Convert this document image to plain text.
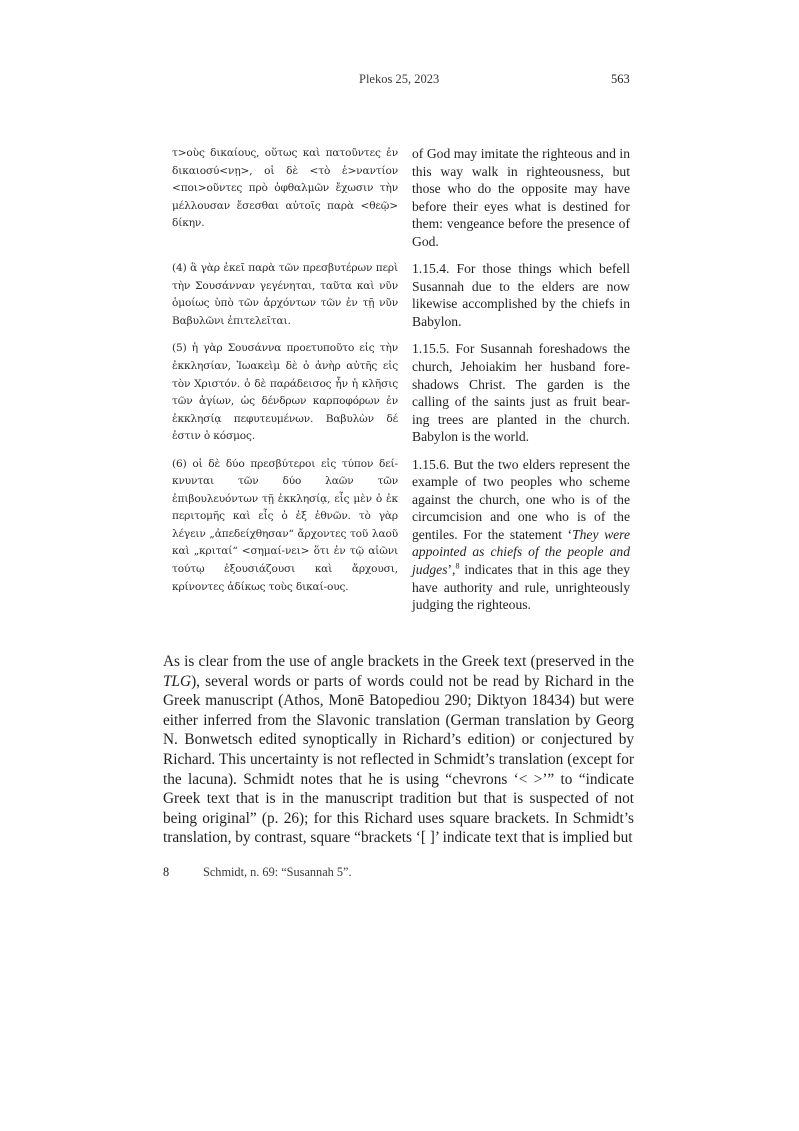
Plekos 25, 2023	563
τ>οὺς δικαίους, οὕτως καὶ πατοῦντες ἐν δικαιοσύ<νῃ>, οἱ δὲ <τὸ ἐ>ναντίον <ποι>οῦντες πρὸ ὀφθαλμῶν ἔχωσιν τὴν μέλλουσαν ἔσεσθαι αὐτοῖς παρὰ <θεῷ> δίκην.
of God may imitate the righteous and in this way walk in righteousness, but those who do the opposite may have before their eyes what is destined for them: vengeance before the presence of God.
(4) ἃ γὰρ ἐκεῖ παρὰ τῶν πρεσβυτέρων περὶ τὴν Σουσάνναν γεγένηται, ταῦτα καὶ νῦν ὁμοίως ὑπὸ τῶν ἀρχόντων τῶν ἐν τῇ νῦν Βαβυλῶνι ἐπιτελεῖται.
1.15.4. For those things which befell Susannah due to the elders are now likewise accomplished by the chiefs in Babylon.
(5) ἡ γὰρ Σουσάννα προετυποῦτο εἰς τὴν ἐκκλησίαν, Ἰωακεὶμ δὲ ὁ ἀνὴρ αὐτῆς εἰς τὸν Χριστόν. ὁ δὲ παράδεισος ἦν ἡ κλῆσις τῶν ἁγίων, ὡς δένδρων καρποφόρων ἐν ἐκκλησίᾳ πεφυτευμένων. Βαβυλὼν δέ ἐστιν ὁ κόσμος.
1.15.5. For Susannah foreshadows the church, Jehoiakim her husband fore-shadows Christ. The garden is the calling of the saints just as fruit bear-ing trees are planted in the church. Babylon is the world.
(6) οἱ δὲ δύο πρεσβύτεροι εἰς τύπον δεί-κνυνται τῶν δύο λαῶν τῶν ἐπιβουλευόντων τῇ ἐκκλησίᾳ, εἷς μὲν ὁ ἐκ περιτομῆς καὶ εἷς ὁ ἐξ ἐθνῶν. τὸ γὰρ λέγειν „ἀπεδείχθησαν“ ἄρχοντες τοῦ λαοῦ καὶ „κριταί“ <σημαί-νει> ὅτι ἐν τῷ αἰῶνι τούτῳ ἐξουσιάζουσι καὶ ἄρχουσι, κρίνοντες ἀδίκως τοὺς δικαί-ους.
1.15.6. But the two elders represent the example of two peoples who scheme against the church, one who is of the circumcision and one who is of the gentiles. For the statement ‘They were appointed as chiefs of the people and judges’,$^8$ indicates that in this age they have authority and rule, unrighteously judging the righteous.
As is clear from the use of angle brackets in the Greek text (preserved in the TLG), several words or parts of words could not be read by Richard in the Greek manuscript (Athos, Monē Batopediou 290; Diktyon 18434) but were either inferred from the Slavonic translation (German translation by Georg N. Bonwetsch edited synoptically in Richard’s edition) or conjectured by Richard. This uncertainty is not reflected in Schmidt’s translation (except for the lacuna). Schmidt notes that he is using “chevrons ‘< >’” to “indicate Greek text that is in the manuscript tradition but that is suspected of not being original” (p. 26); for this Richard uses square brackets. In Schmidt’s translation, by contrast, square “brackets ‘[ ]’ indicate text that is implied but
8	Schmidt, n. 69: “Susannah 5”.
